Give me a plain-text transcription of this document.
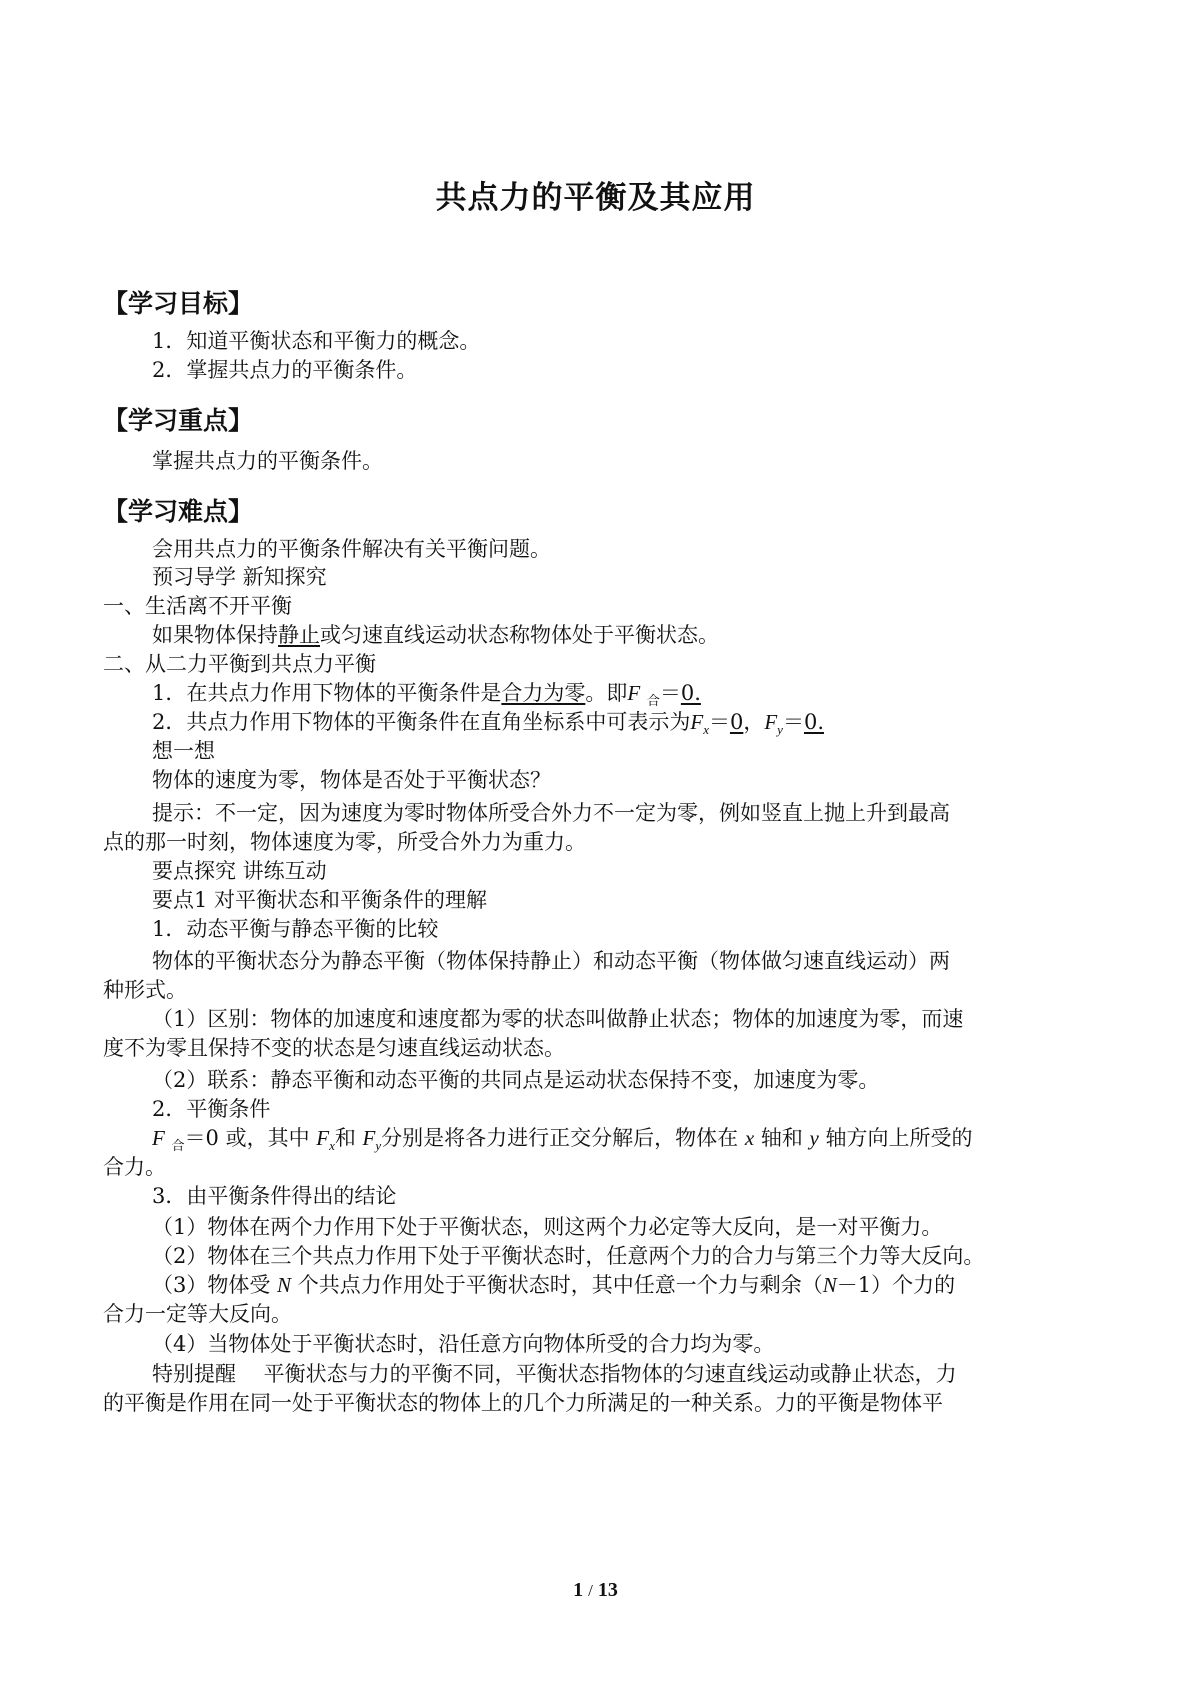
共点力的平衡及其应用
【学习目标】
1．知道平衡状态和平衡力的概念。
2．掌握共点力的平衡条件。
【学习重点】
掌握共点力的平衡条件。
【学习难点】
会用共点力的平衡条件解决有关平衡问题。
预习导学 新知探究
一、生活离不开平衡
如果物体保持静止或匀速直线运动状态称物体处于平衡状态。
二、从二力平衡到共点力平衡
1．在共点力作用下物体的平衡条件是合力为零。即F $_合$＝0.
2．共点力作用下物体的平衡条件在直角坐标系中可表示为$F_x=0$，$F_y=0$.
想一想
物体的速度为零，物体是否处于平衡状态？
提示：不一定，因为速度为零时物体所受合外力不一定为零，例如竖直上抛上升到最高
点的那一时刻，物体速度为零，所受合外力为重力。
要点探究 讲练互动
要点1 对平衡状态和平衡条件的理解
1．动态平衡与静态平衡的比较
物体的平衡状态分为静态平衡（物体保持静止）和动态平衡（物体做匀速直线运动）两
种形式。
（1）区别：物体的加速度和速度都为零的状态叫做静止状态；物体的加速度为零，而速
度不为零且保持不变的状态是匀速直线运动状态。
（2）联系：静态平衡和动态平衡的共同点是运动状态保持不变，加速度为零。
2．平衡条件
F $_合$＝0 或，其中 $F_x$和 $F_y$分别是将各力进行正交分解后，物体在 x 轴和 y 轴方向上所受的
合力。
3．由平衡条件得出的结论
（1）物体在两个力作用下处于平衡状态，则这两个力必定等大反向，是一对平衡力。
（2）物体在三个共点力作用下处于平衡状态时，任意两个力的合力与第三个力等大反向。
（3）物体受 N 个共点力作用处于平衡状态时，其中任意一个力与剩余（N－1）个力的
合力一定等大反向。
（4）当物体处于平衡状态时，沿任意方向物体所受的合力均为零。
特别提醒　 平衡状态与力的平衡不同，平衡状态指物体的匀速直线运动或静止状态，力
的平衡是作用在同一处于平衡状态的物体上的几个力所满足的一种关系。力的平衡是物体平
1 / 13
